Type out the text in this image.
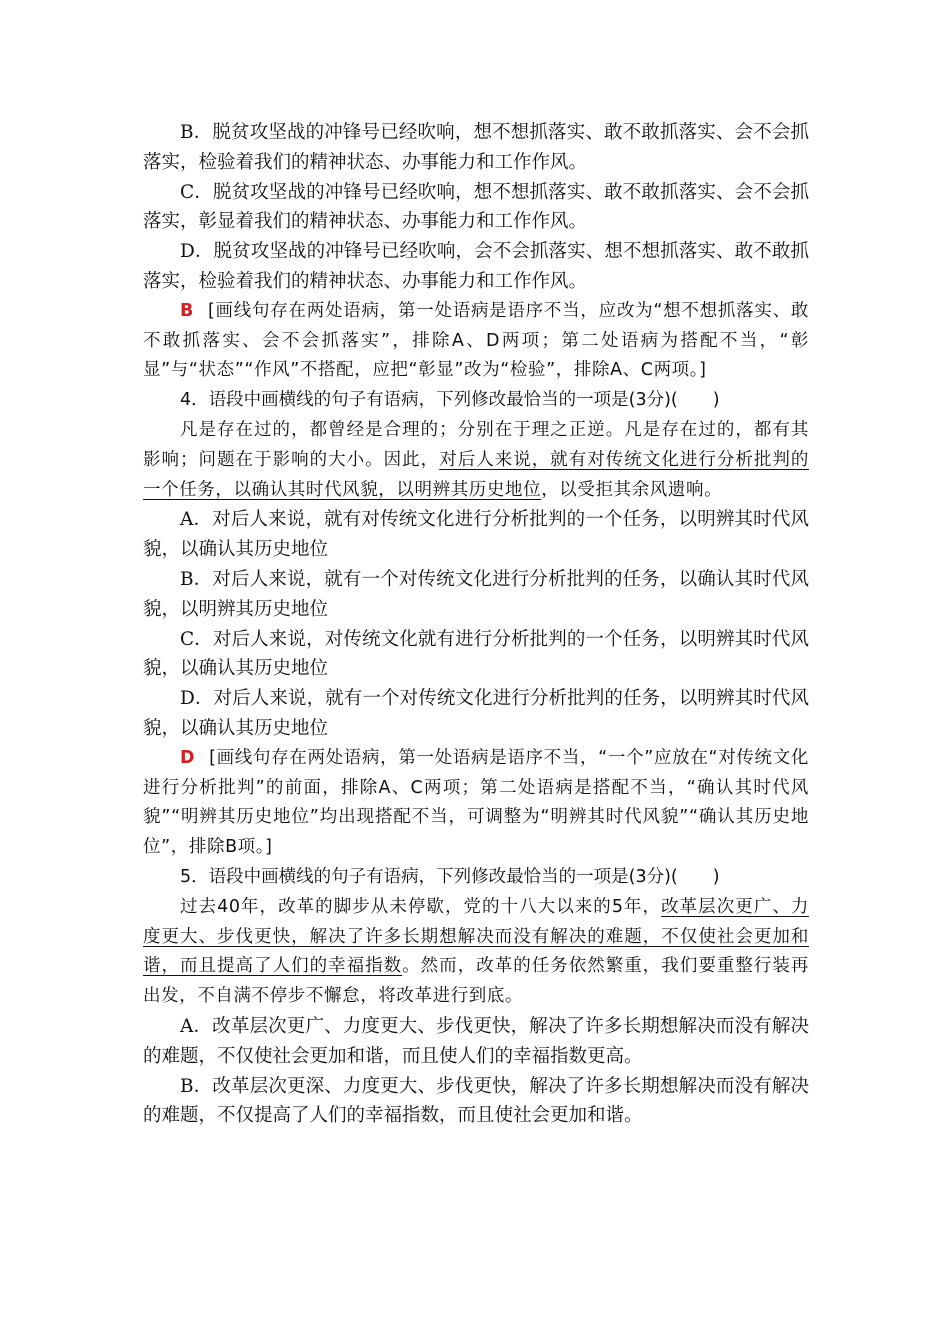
B．脱贫攻坚战的冲锋号已经吹响，想不想抓落实、敢不敢抓落实、会不会抓落实，检验着我们的精神状态、办事能力和工作作风。

C．脱贫攻坚战的冲锋号已经吹响，想不想抓落实、敢不敢抓落实、会不会抓落实，彰显着我们的精神状态、办事能力和工作作风。

D．脱贫攻坚战的冲锋号已经吹响，会不会抓落实、想不想抓落实、敢不敢抓落实，检验着我们的精神状态、办事能力和工作作风。

B [画线句存在两处语病，第一处语病是语序不当，应改为“想不想抓落实、敢不敢抓落实、会不会抓落实”，排除A、D两项；第二处语病为搭配不当，“彰显”与“状态”“作风”不搭配，应把“彰显”改为“检验”，排除A、C两项。]

4．语段中画横线的句子有语病，下列修改最恰当的一项是(3分)(　　)

凡是存在过的，都曾经是合理的；分别在于理之正逆。凡是存在过的，都有其影响；问题在于影响的大小。因此，对后人来说，就有对传统文化进行分析批判的一个任务，以确认其时代风貌，以明辨其历史地位，以受拒其余风遗响。

A．对后人来说，就有对传统文化进行分析批判的一个任务，以明辨其时代风貌，以确认其历史地位

B．对后人来说，就有一个对传统文化进行分析批判的任务，以确认其时代风貌，以明辨其历史地位

C．对后人来说，对传统文化就有进行分析批判的一个任务，以明辨其时代风貌，以确认其历史地位

D．对后人来说，就有一个对传统文化进行分析批判的任务，以明辨其时代风貌，以确认其历史地位

D [画线句存在两处语病，第一处语病是语序不当，“一个”应放在“对传统文化进行分析批判”的前面，排除A、C两项；第二处语病是搭配不当，“确认其时代风貌”“明辨其历史地位”均出现搭配不当，可调整为“明辨其时代风貌”“确认其历史地位”，排除B项。]

5．语段中画横线的句子有语病，下列修改最恰当的一项是(3分)(　　)

过去40年，改革的脚步从未停歇，党的十八大以来的5年，改革层次更广、力度更大、步伐更快，解决了许多长期想解决而没有解决的难题，不仅使社会更加和谐，而且提高了人们的幸福指数。然而，改革的任务依然繁重，我们要重整行装再出发，不自满不停步不懈怠，将改革进行到底。

A．改革层次更广、力度更大、步伐更快，解决了许多长期想解决而没有解决的难题，不仅使社会更加和谐，而且使人们的幸福指数更高。

B．改革层次更深、力度更大、步伐更快，解决了许多长期想解决而没有解决的难题，不仅提高了人们的幸福指数，而且使社会更加和谐。
